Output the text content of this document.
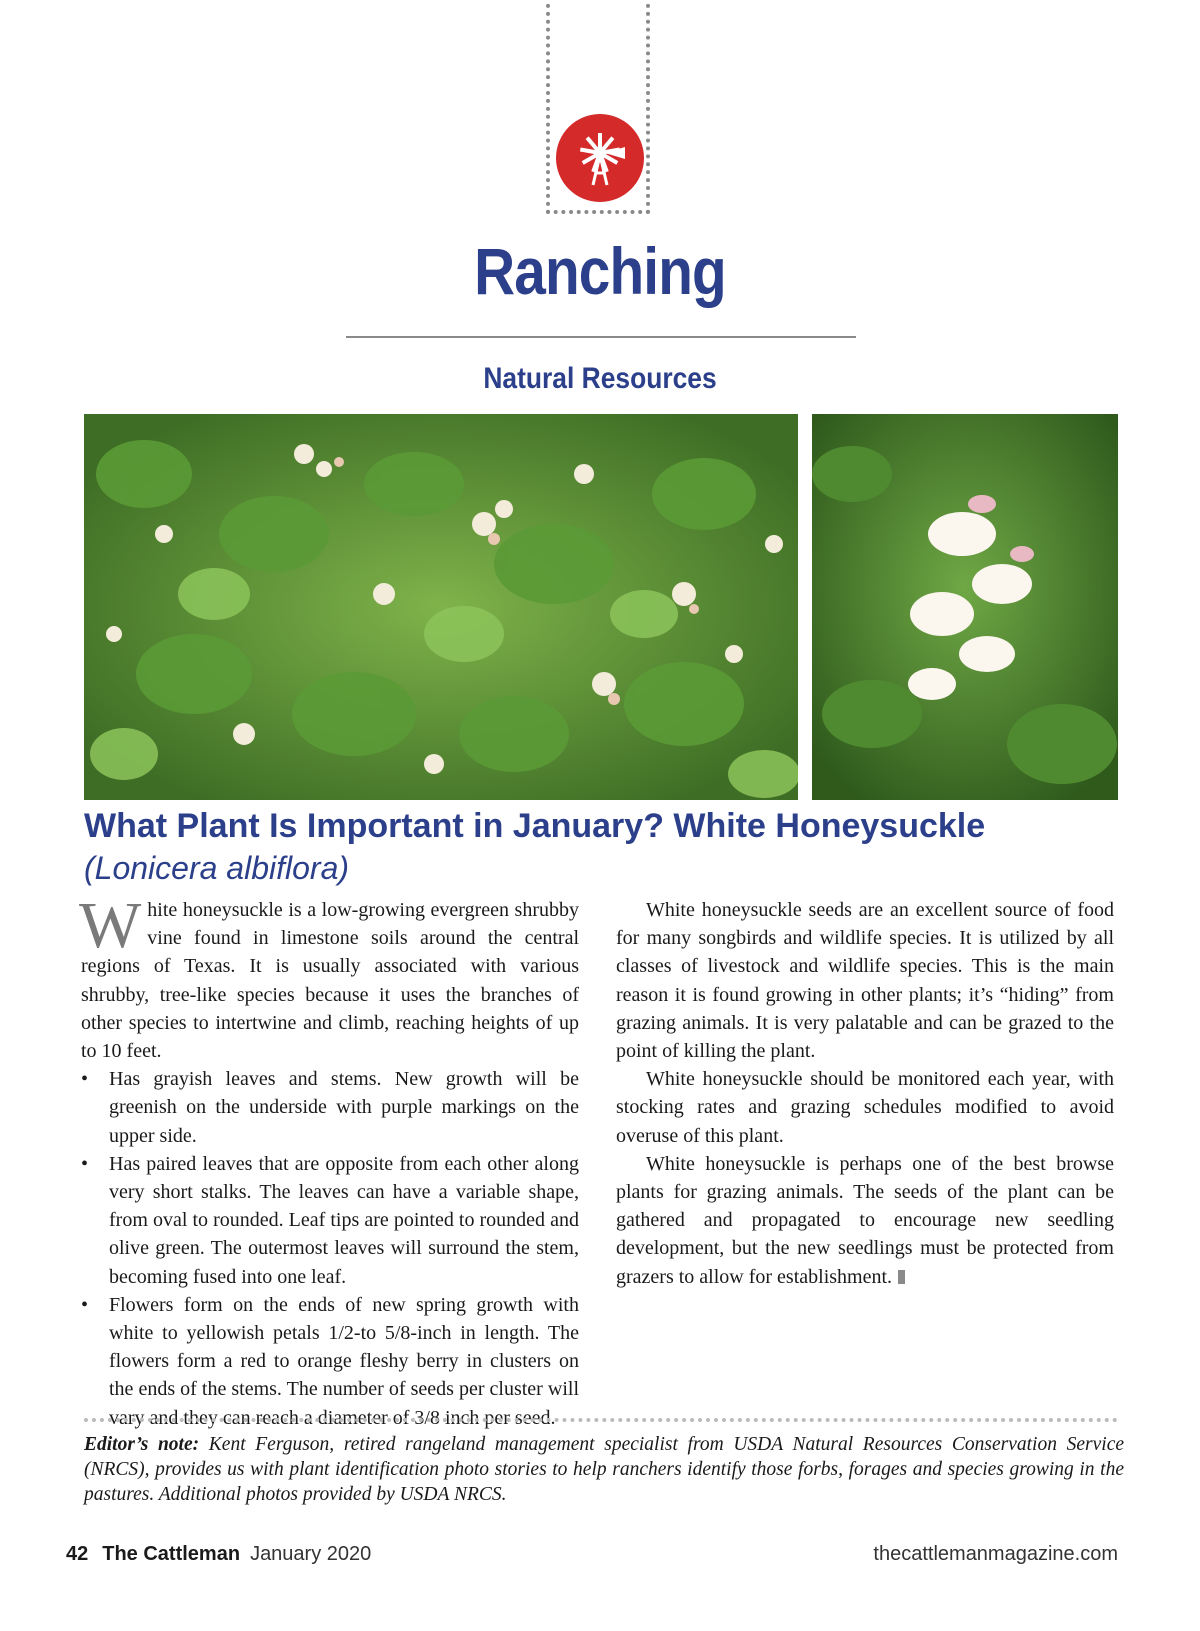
Ranching
Natural Resources
What Plant Is Important in January? White Honeysuckle
(Lonicera albiflora)

White honeysuckle is a low-growing evergreen shrubby vine found in limestone soils around the central regions of Texas. It is usually associated with various shrubby, tree-like species because it uses the branches of other species to intertwine and climb, reaching heights of up to 10 feet.

• Has grayish leaves and stems. New growth will be greenish on the underside with purple markings on the upper side.
• Has paired leaves that are opposite from each other along very short stalks. The leaves can have a variable shape, from oval to rounded. Leaf tips are pointed to rounded and olive green. The outermost leaves will surround the stem, becoming fused into one leaf.
• Flowers form on the ends of new spring growth with white to yellowish petals 1/2-to 5/8-inch in length. The flowers form a red to orange fleshy berry in clusters on the ends of the stems. The number of seeds per cluster will vary and they can reach a diameter of 3/8 inch per seed.

White honeysuckle seeds are an excellent source of food for many songbirds and wildlife species. It is utilized by all classes of livestock and wildlife species. This is the main reason it is found growing in other plants; it’s “hiding” from grazing animals. It is very palatable and can be grazed to the point of killing the plant.

White honeysuckle should be monitored each year, with stocking rates and grazing schedules modified to avoid overuse of this plant.

White honeysuckle is perhaps one of the best browse plants for grazing animals. The seeds of the plant can be gathered and propagated to encourage new seedling development, but the new seedlings must be protected from grazers to allow for establishment.

Editor’s note: Kent Ferguson, retired rangeland management specialist from USDA Natural Resources Conservation Service (NRCS), provides us with plant identification photo stories to help ranchers identify those forbs, forages and species growing in the pastures. Additional photos provided by USDA NRCS.
42 The Cattleman January 2020	thecattlemanmagazine.com
